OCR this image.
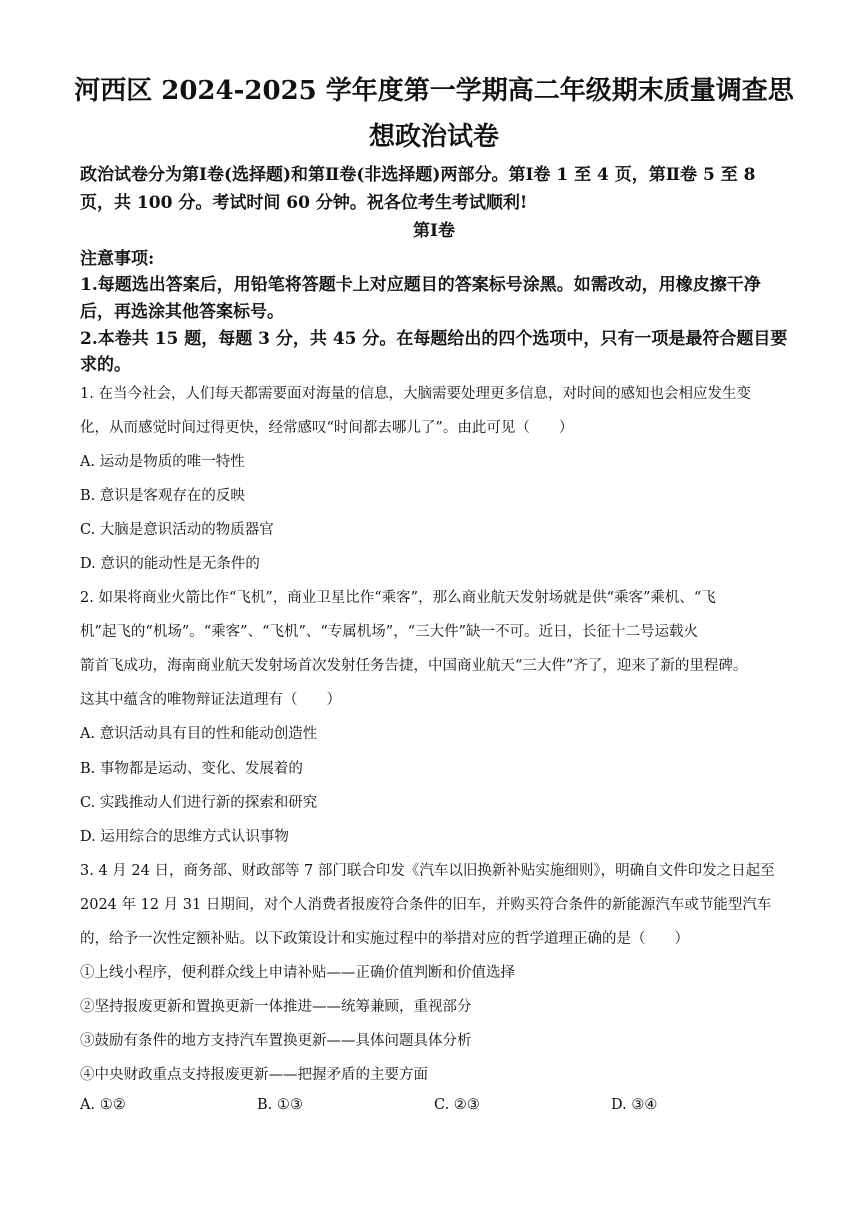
河西区 2024-2025 学年度第一学期高二年级期末质量调查思想政治试卷
政治试卷分为第Ⅰ卷(选择题)和第Ⅱ卷(非选择题)两部分。第Ⅰ卷 1 至 4 页，第Ⅱ卷 5 至 8
页，共 100 分。考试时间 60 分钟。祝各位考生考试顺利!
第Ⅰ卷
注意事项:
1.每题选出答案后，用铅笔将答题卡上对应题目的答案标号涂黑。如需改动，用橡皮擦干净
后，再选涂其他答案标号。
2.本卷共 15 题，每题 3 分，共 45 分。在每题给出的四个选项中，只有一项是最符合题目要
求的。
1. 在当今社会，人们每天都需要面对海量的信息，大脑需要处理更多信息，对时间的感知也会相应发生变
化，从而感觉时间过得更快，经常感叹“时间都去哪儿了”。由此可见（　　）
A. 运动是物质的唯一特性
B. 意识是客观存在的反映
C. 大脑是意识活动的物质器官
D. 意识的能动性是无条件的
2. 如果将商业火箭比作“飞机”，商业卫星比作“乘客”，那么商业航天发射场就是供“乘客”乘机、“飞
机”起飞的“机场”。“乘客”、“飞机”、“专属机场”，“三大件”缺一不可。近日，长征十二号运载火
箭首飞成功，海南商业航天发射场首次发射任务告捷，中国商业航天“三大件”齐了，迎来了新的里程碑。
这其中蕴含的唯物辩证法道理有（　　）
A. 意识活动具有目的性和能动创造性
B. 事物都是运动、变化、发展着的
C. 实践推动人们进行新的探索和研究
D. 运用综合的思维方式认识事物
3. 4 月 24 日，商务部、财政部等 7 部门联合印发《汽车以旧换新补贴实施细则》，明确自文件印发之日起至
2024 年 12 月 31 日期间，对个人消费者报废符合条件的旧车，并购买符合条件的新能源汽车或节能型汽车
的，给予一次性定额补贴。以下政策设计和实施过程中的举措对应的哲学道理正确的是（　　）
①上线小程序，便利群众线上申请补贴——正确价值判断和价值选择
②坚持报废更新和置换更新一体推进——统筹兼顾，重视部分
③鼓励有条件的地方支持汽车置换更新——具体问题具体分析
④中央财政重点支持报废更新——把握矛盾的主要方面
A. ①②	B. ①③	C. ②③	D. ③④
